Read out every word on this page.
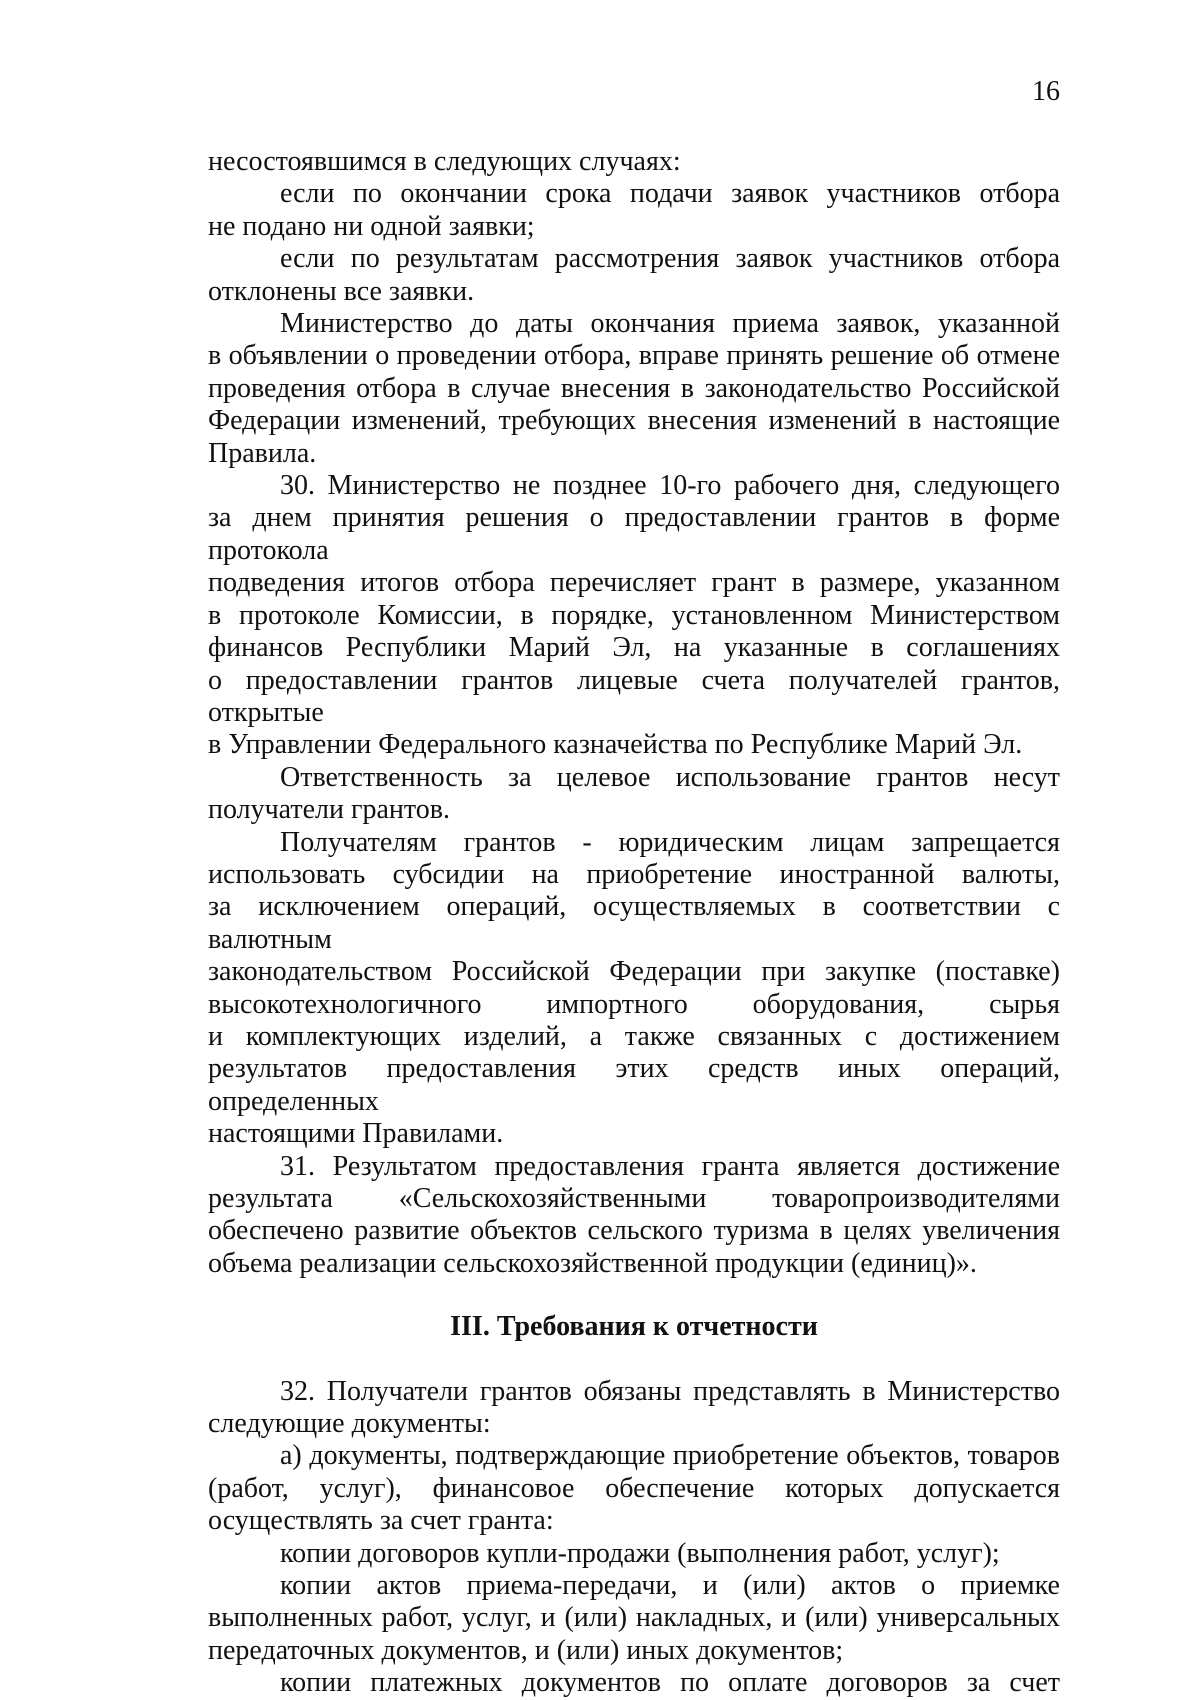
16
несостоявшимся в следующих случаях:
если по окончании срока подачи заявок участников отбора
не подано ни одной заявки;
если по результатам рассмотрения заявок участников отбора
отклонены все заявки.
Министерство до даты окончания приема заявок, указанной
в объявлении о проведении отбора, вправе принять решение об отмене
проведения отбора в случае внесения в законодательство Российской
Федерации изменений, требующих внесения изменений в настоящие
Правила.
30. Министерство не позднее 10-го рабочего дня, следующего
за днем принятия решения о предоставлении грантов в форме протокола
подведения итогов отбора перечисляет грант в размере, указанном
в протоколе Комиссии, в порядке, установленном Министерством
финансов Республики Марий Эл, на указанные в соглашениях
о предоставлении грантов лицевые счета получателей грантов, открытые
в Управлении Федерального казначейства по Республике Марий Эл.
Ответственность за целевое использование грантов несут
получатели грантов.
Получателям грантов - юридическим лицам запрещается
использовать субсидии на приобретение иностранной валюты,
за исключением операций, осуществляемых в соответствии с валютным
законодательством Российской Федерации при закупке (поставке)
высокотехнологичного импортного оборудования, сырья
и комплектующих изделий, а также связанных с достижением
результатов предоставления этих средств иных операций, определенных
настоящими Правилами.
31. Результатом предоставления гранта является достижение
результата «Сельскохозяйственными товаропроизводителями
обеспечено развитие объектов сельского туризма в целях увеличения
объема реализации сельскохозяйственной продукции (единиц)».
III. Требования к отчетности
32. Получатели грантов обязаны представлять в Министерство
следующие документы:
а) документы, подтверждающие приобретение объектов, товаров
(работ, услуг), финансовое обеспечение которых допускается
осуществлять за счет гранта:
копии договоров купли-продажи (выполнения работ, услуг);
копии актов приема-передачи, и (или) актов о приемке
выполненных работ, услуг, и (или) накладных, и (или) универсальных
передаточных документов, и (или) иных документов;
копии платежных документов по оплате договоров за счет
